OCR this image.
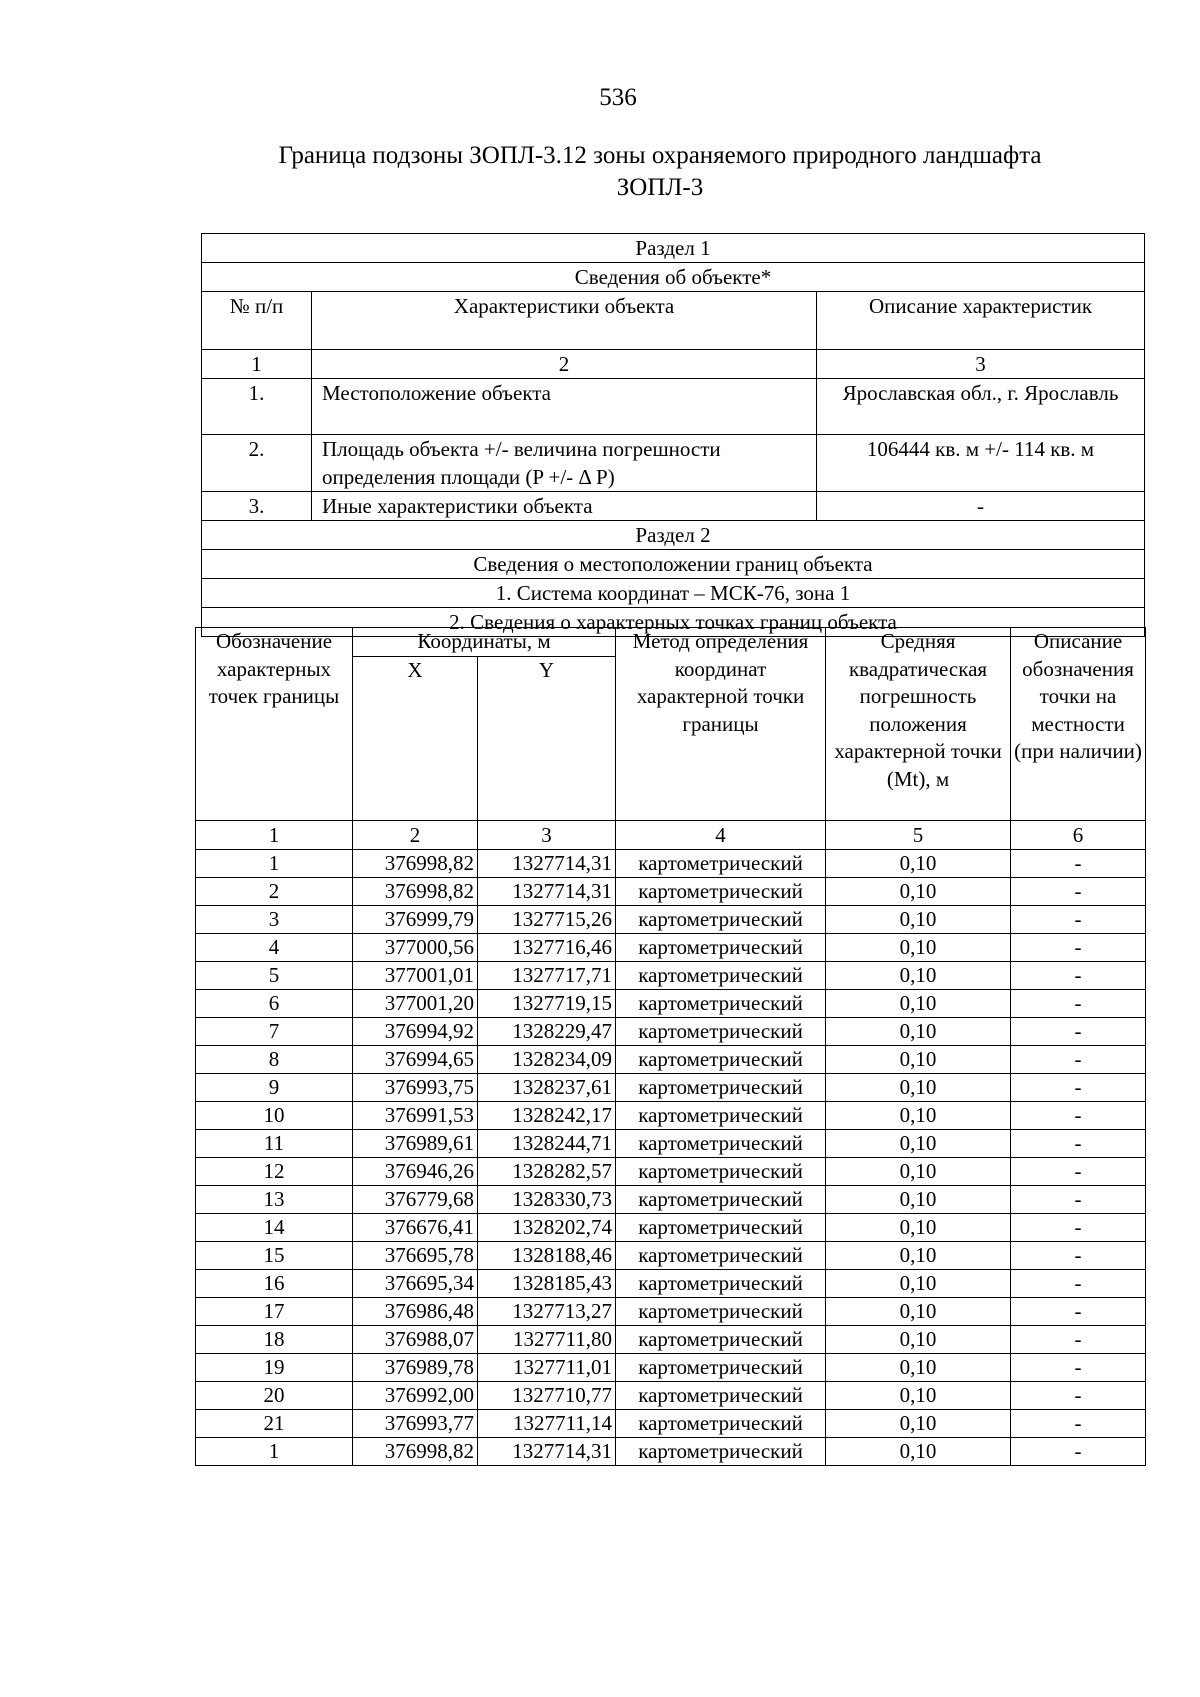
536
Граница подзоны ЗОПЛ-3.12 зоны охраняемого природного ландшафта
ЗОПЛ-3
Раздел 1		
Сведения об объекте*		
№ п/п	Характеристики объекта	Описание характеристик
1	2	3
1.	Местоположение объекта	Ярославская обл., г. Ярославль
2.	Площадь объекта +/- величина погрешности определения площади (P +/- Δ P)	106444 кв. м +/- 114 кв. м
3.	Иные характеристики объекта	-
Раздел 2		
Сведения о местоположении границ объекта		
1. Система координат – МСК-76, зона 1		
2. Сведения о характерных точках границ объекта		
Обозначение характерных точек границы	Координаты, м		Метод определения координат характерной точки границы	Средняя квадратическая погрешность положения характерной точки (Mt), м	Описание обозначения точки на местности (при наличии)
	X	Y			
1	2	3	4	5	6
1	376998,82	1327714,31	картометрический	0,10	-
2	376998,82	1327714,31	картометрический	0,10	-
3	376999,79	1327715,26	картометрический	0,10	-
4	377000,56	1327716,46	картометрический	0,10	-
5	377001,01	1327717,71	картометрический	0,10	-
6	377001,20	1327719,15	картометрический	0,10	-
7	376994,92	1328229,47	картометрический	0,10	-
8	376994,65	1328234,09	картометрический	0,10	-
9	376993,75	1328237,61	картометрический	0,10	-
10	376991,53	1328242,17	картометрический	0,10	-
11	376989,61	1328244,71	картометрический	0,10	-
12	376946,26	1328282,57	картометрический	0,10	-
13	376779,68	1328330,73	картометрический	0,10	-
14	376676,41	1328202,74	картометрический	0,10	-
15	376695,78	1328188,46	картометрический	0,10	-
16	376695,34	1328185,43	картометрический	0,10	-
17	376986,48	1327713,27	картометрический	0,10	-
18	376988,07	1327711,80	картометрический	0,10	-
19	376989,78	1327711,01	картометрический	0,10	-
20	376992,00	1327710,77	картометрический	0,10	-
21	376993,77	1327711,14	картометрический	0,10	-
1	376998,82	1327714,31	картометрический	0,10	-
